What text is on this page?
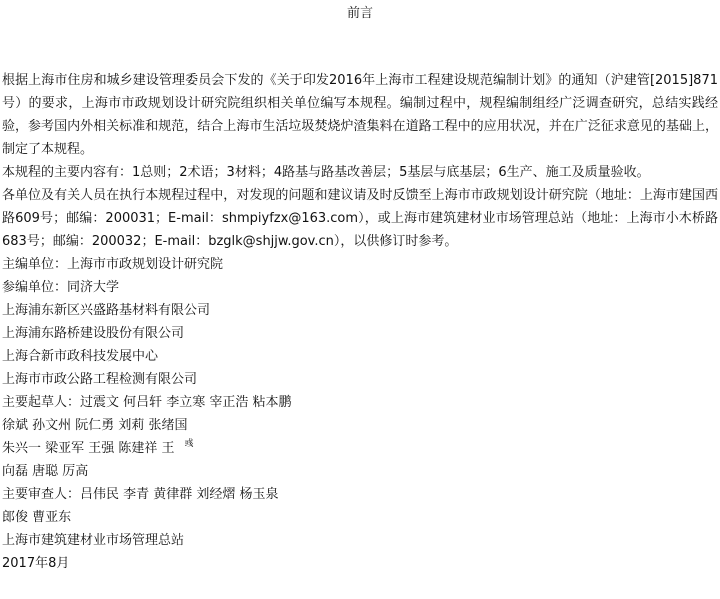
前言

根据上海市住房和城乡建设管理委员会下发的《关于印发2016年上海市工程建设规范编制计划》的通知（沪建管[2015]871号）的要求，上海市市政规划设计研究院组织相关单位编写本规程。编制过程中，规程编制组经广泛调查研究，总结实践经验，参考国内外相关标准和规范，结合上海市生活垃圾焚烧炉渣集料在道路工程中的应用状况，并在广泛征求意见的基础上，制定了本规程。

本规程的主要内容有：1总则；2术语；3材料；4路基与路基改善层；5基层与底基层；6生产、施工及质量验收。

各单位及有关人员在执行本规程过程中，对发现的问题和建议请及时反馈至上海市市政规划设计研究院（地址：上海市建国西路609号；邮编：200031；E-mail：shmpiyfzx@163.com），或上海市建筑建材业市场管理总站（地址：上海市小木桥路683号；邮编：200032；E-mail：bzglk@shjjw.gov.cn），以供修订时参考。

主编单位：上海市市政规划设计研究院

参编单位：同济大学

上海浦东新区兴盛路基材料有限公司

上海浦东路桥建设股份有限公司

上海合新市政科技发展中心

上海市市政公路工程检测有限公司

主要起草人：过震文 何吕轩 李立寒 宰正浩 粘本鹏

徐斌 孙文州 阮仁勇 刘莉 张绪国

朱兴一 梁亚军 王强 陈建祥 王 彧

向磊 唐聪 厉高

主要审查人：吕伟民 李青 黄律群 刘经熠 杨玉泉

郎俊 曹亚东

上海市建筑建材业市场管理总站

2017年8月
